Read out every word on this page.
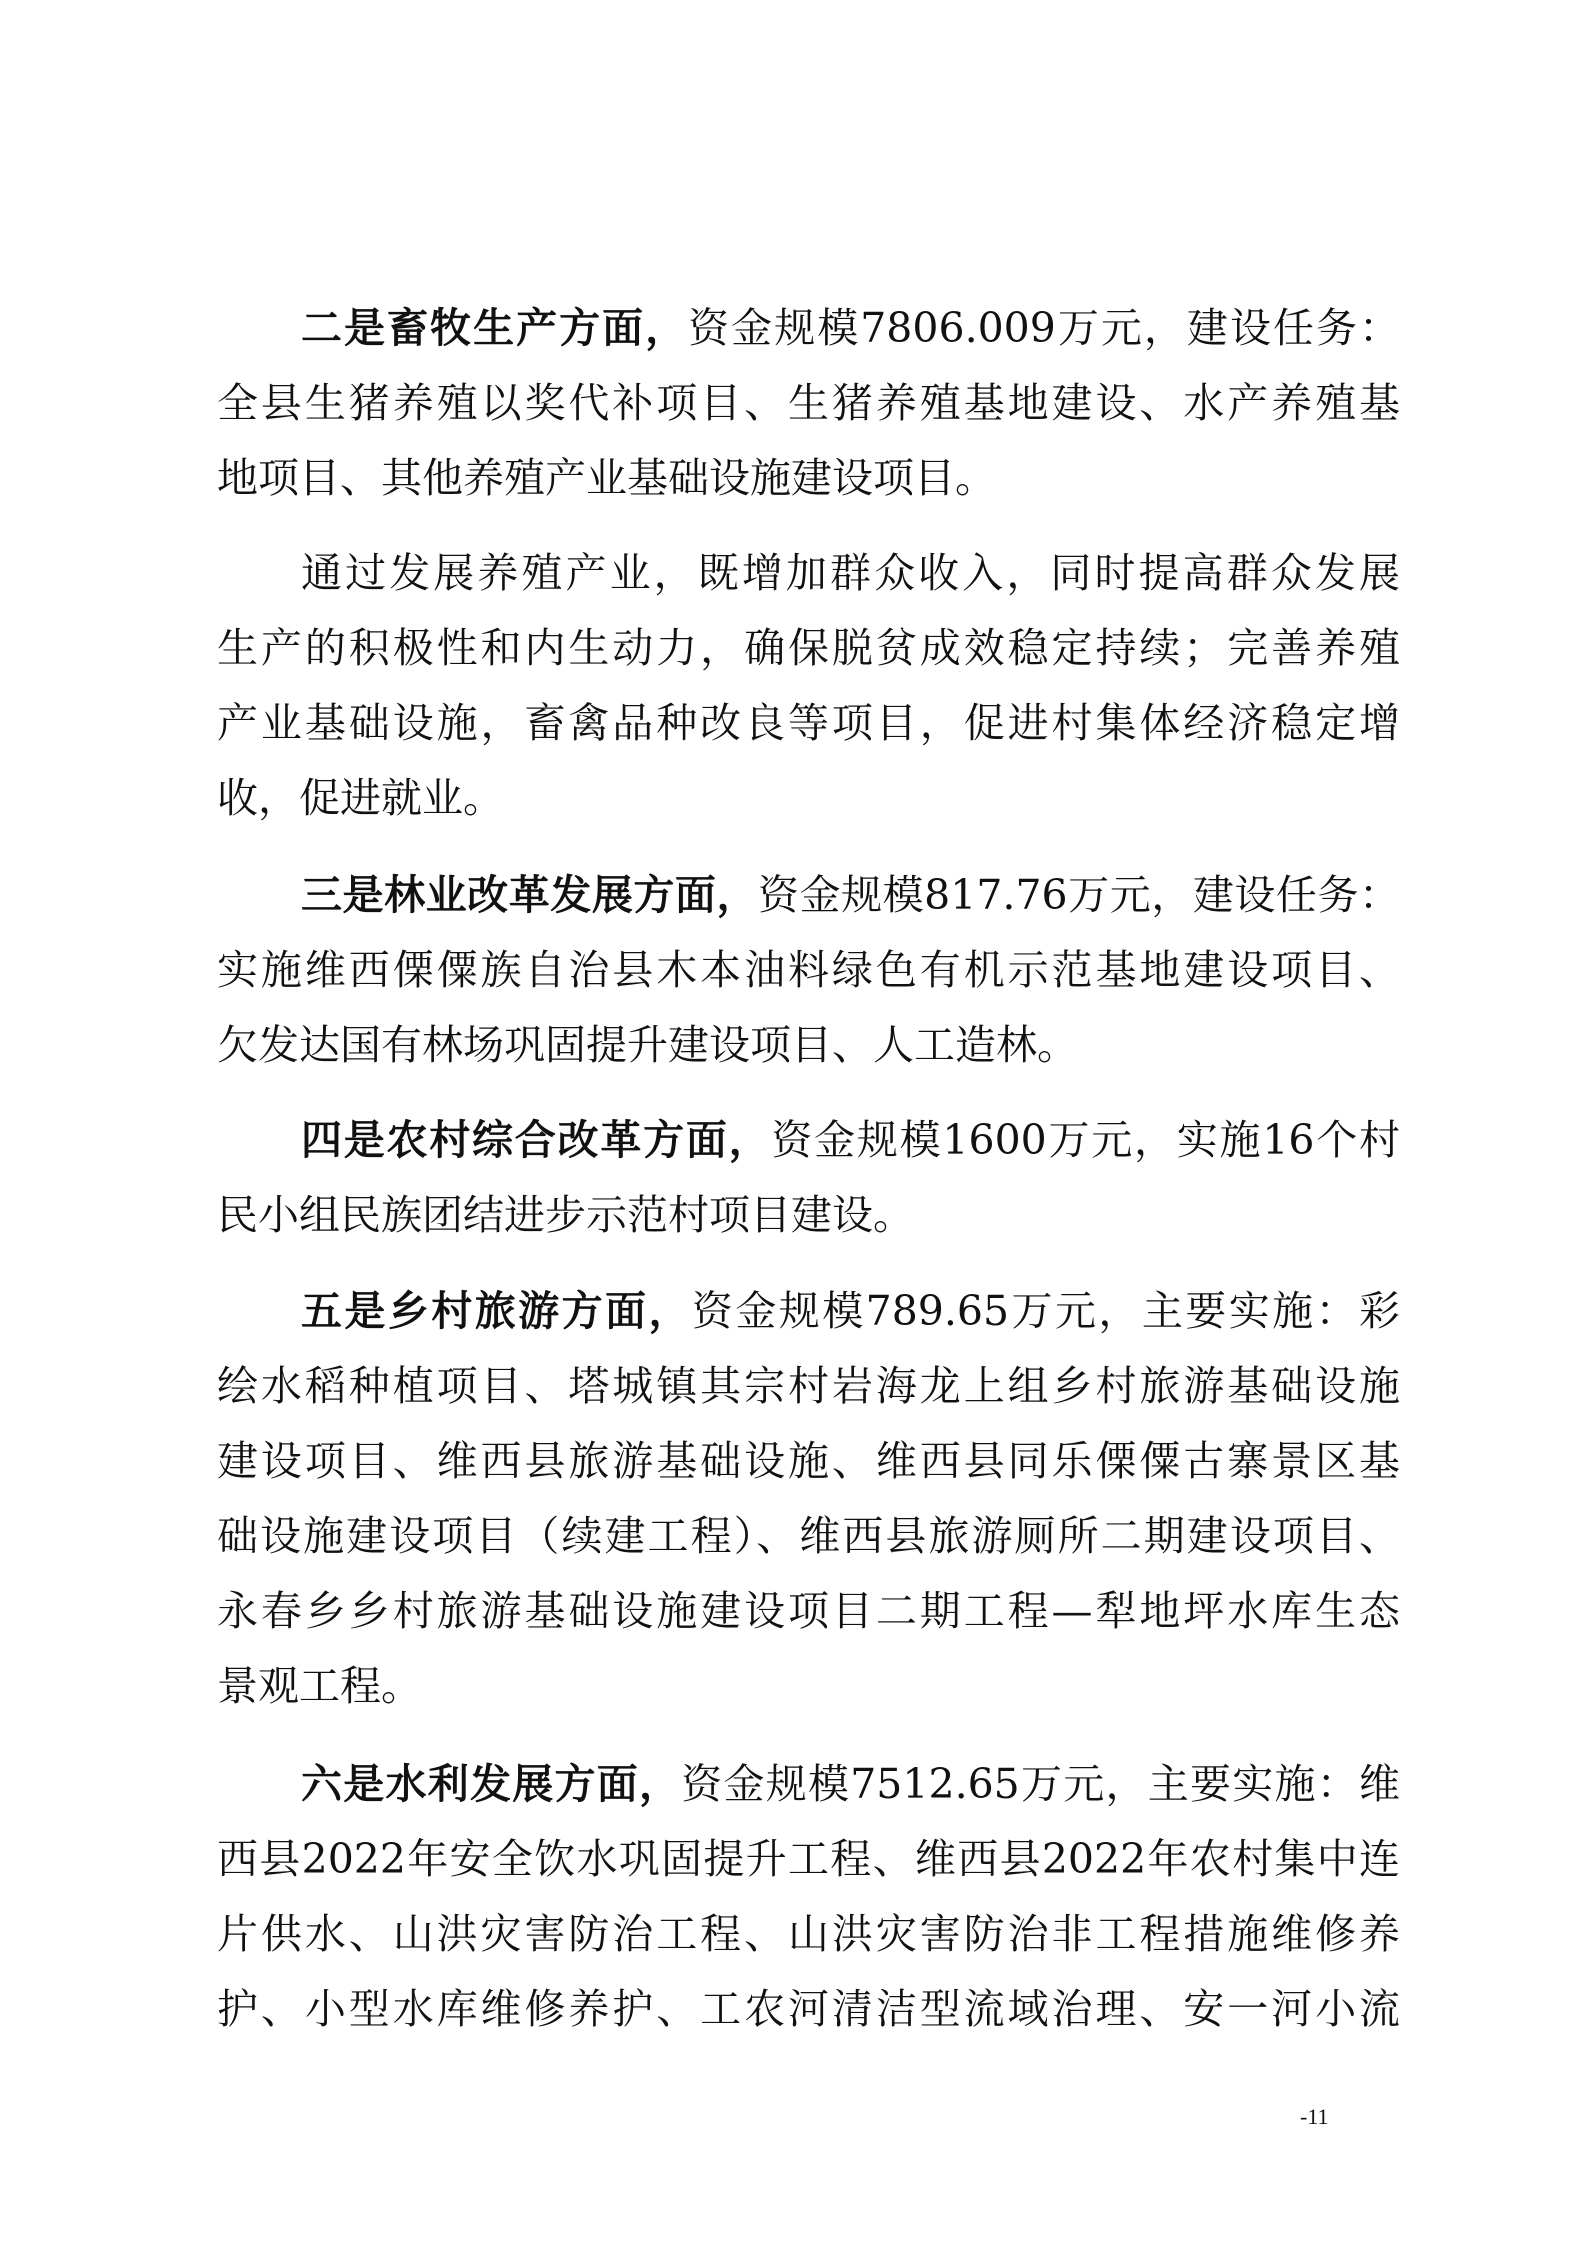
二是畜牧生产方面，资金规模7806.009万元，建设任务：
全县生猪养殖以奖代补项目、生猪养殖基地建设、水产养殖基
地项目、其他养殖产业基础设施建设项目。
通过发展养殖产业，既增加群众收入，同时提高群众发展
生产的积极性和内生动力，确保脱贫成效稳定持续；完善养殖
产业基础设施，畜禽品种改良等项目，促进村集体经济稳定增
收，促进就业。
三是林业改革发展方面，资金规模817.76万元，建设任务：
实施维西傈僳族自治县木本油料绿色有机示范基地建设项目、
欠发达国有林场巩固提升建设项目、人工造林。
四是农村综合改革方面，资金规模1600万元，实施16个村
民小组民族团结进步示范村项目建设。
五是乡村旅游方面，资金规模789.65万元，主要实施：彩
绘水稻种植项目、塔城镇其宗村岩海龙上组乡村旅游基础设施
建设项目、维西县旅游基础设施、维西县同乐傈僳古寨景区基
础设施建设项目（续建工程）、维西县旅游厕所二期建设项目、
永春乡乡村旅游基础设施建设项目二期工程—犁地坪水库生态
景观工程。
六是水利发展方面，资金规模7512.65万元，主要实施：维
西县2022年安全饮水巩固提升工程、维西县2022年农村集中连
片供水、山洪灾害防治工程、山洪灾害防治非工程措施维修养
护、小型水库维修养护、工农河清洁型流域治理、安一河小流
-11
